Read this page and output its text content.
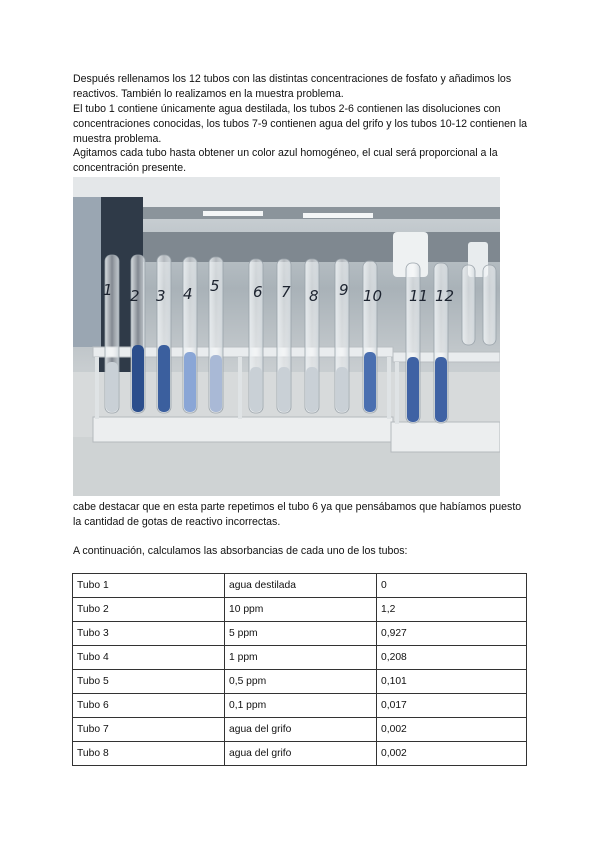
Después rellenamos los 12 tubos con las distintas concentraciones de fosfato y añadimos los reactivos. También lo realizamos en la muestra problema.
El tubo 1 contiene únicamente agua destilada, los tubos 2-6 contienen las disoluciones con concentraciones conocidas, los tubos 7-9 contienen agua del grifo y los tubos 10-12 contienen la muestra problema.

Agitamos cada tubo hasta obtener un color azul homogéneo, el cual será proporcional a la concentración presente.

1 2 3 4 5 6 7 8 9 10 11 12

cabe destacar que en esta parte repetimos el tubo 6 ya que pensábamos que habíamos puesto la cantidad de gotas de reactivo incorrectas.

A continuación, calculamos las absorbancias de cada uno de los tubos:

Tubo 1	agua destilada	0
Tubo 2	10 ppm	1,2
Tubo 3	5 ppm	0,927
Tubo 4	1 ppm	0,208
Tubo 5	0,5 ppm	0,101
Tubo 6	0,1 ppm	0,017
Tubo 7	agua del grifo	0,002
Tubo 8	agua del grifo	0,002
